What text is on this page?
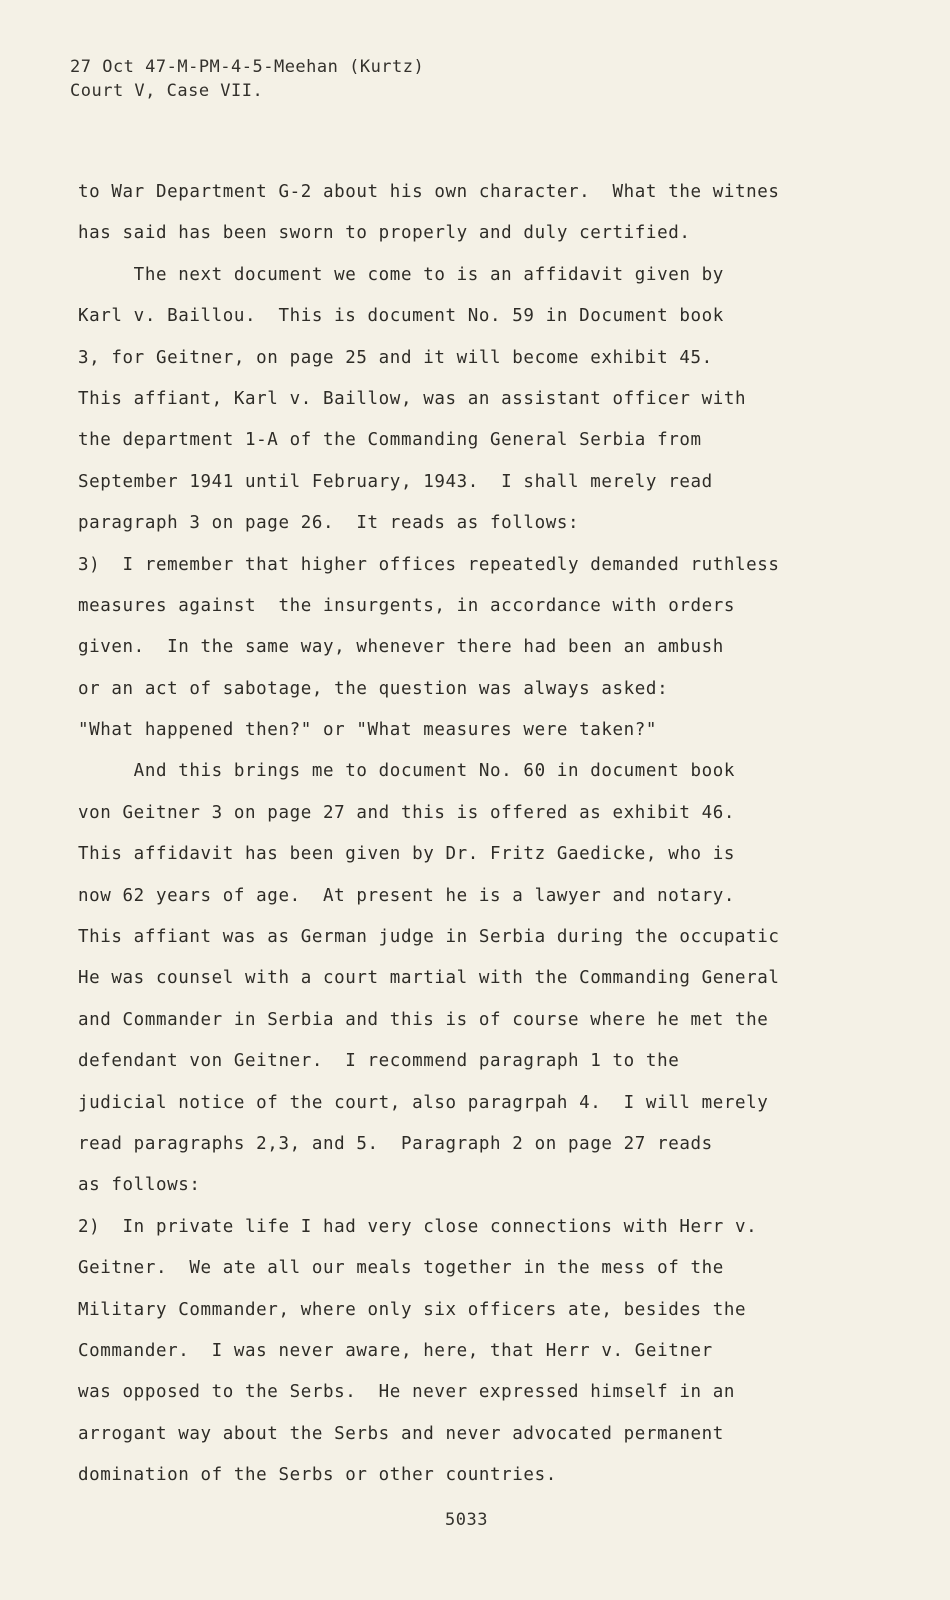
27 Oct 47-M-PM-4-5-Meehan (Kurtz)
Court V, Case VII.
to War Department G-2 about his own character.  What the witnes
has said has been sworn to properly and duly certified.
The next document we come to is an affidavit given by
Karl v. Baillou.  This is document No. 59 in Document book
3, for Geitner, on page 25 and it will become exhibit 45.
This affiant, Karl v. Baillow, was an assistant officer with
the department 1-A of the Commanding General Serbia from
September 1941 until February, 1943.  I shall merely read
paragraph 3 on page 26.  It reads as follows:
3)  I remember that higher offices repeatedly demanded ruthless
measures against  the insurgents, in accordance with orders
given.  In the same way, whenever there had been an ambush
or an act of sabotage, the question was always asked:
"What happened then?" or "What measures were taken?"
And this brings me to document No. 60 in document book
von Geitner 3 on page 27 and this is offered as exhibit 46.
This affidavit has been given by Dr. Fritz Gaedicke, who is
now 62 years of age.  At present he is a lawyer and notary.
This affiant was as German judge in Serbia during the occupatic
He was counsel with a court martial with the Commanding General
and Commander in Serbia and this is of course where he met the
defendant von Geitner.  I recommend paragraph 1 to the
judicial notice of the court, also paragrpah 4.  I will merely
read paragraphs 2,3, and 5.  Paragraph 2 on page 27 reads
as follows:
2)  In private life I had very close connections with Herr v.
Geitner.  We ate all our meals together in the mess of the
Military Commander, where only six officers ate, besides the
Commander.  I was never aware, here, that Herr v. Geitner
was opposed to the Serbs.  He never expressed himself in an
arrogant way about the Serbs and never advocated permanent
domination of the Serbs or other countries.
5033
